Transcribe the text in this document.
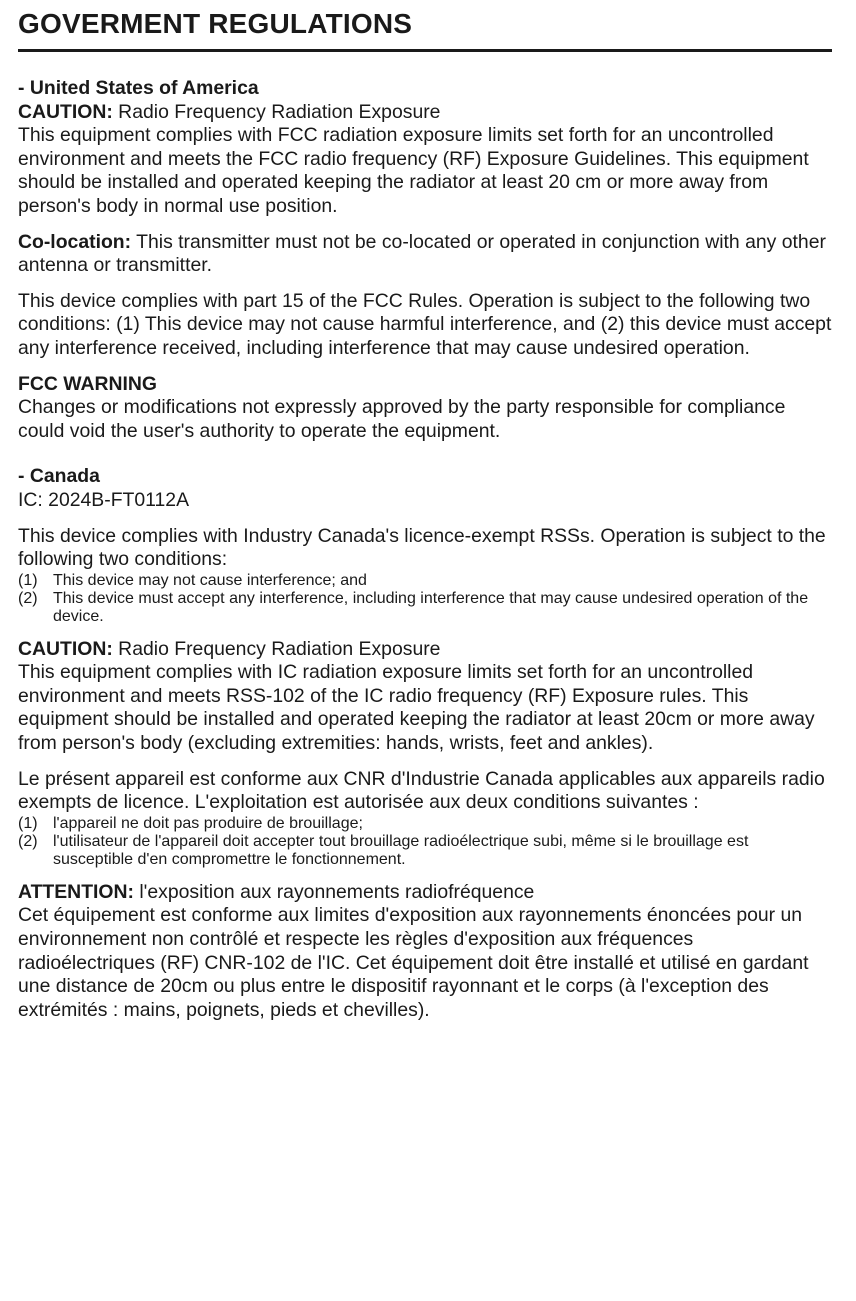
GOVERMENT REGULATIONS

- United States of America

CAUTION: Radio Frequency Radiation Exposure

This equipment complies with FCC radiation exposure limits set forth for an uncontrolled environment and meets the FCC radio frequency (RF) Exposure Guidelines. This equipment should be installed and operated keeping the radiator at least 20 cm or more away from person's body in normal use position.

Co-location: This transmitter must not be co-located or operated in conjunction with any other antenna or transmitter.

This device complies with part 15 of the FCC Rules. Operation is subject to the following two conditions: (1) This device may not cause harmful interference, and (2) this device must accept any interference received, including interference that may cause undesired operation.

FCC WARNING

Changes or modifications not expressly approved by the party responsible for compliance could void the user's authority to operate the equipment.

- Canada

IC: 2024B-FT0112A

This device complies with Industry Canada's licence-exempt RSSs. Operation is subject to the following two conditions:

(1) This device may not cause interference; and
(2) This device must accept any interference, including interference that may cause undesired operation of the device.

CAUTION: Radio Frequency Radiation Exposure

This equipment complies with IC radiation exposure limits set forth for an uncontrolled environment and meets RSS-102 of the IC radio frequency (RF) Exposure rules. This equipment should be installed and operated keeping the radiator at least 20cm or more away from person's body (excluding extremities: hands, wrists, feet and ankles).

Le présent appareil est conforme aux CNR d'Industrie Canada applicables aux appareils radio exempts de licence. L'exploitation est autorisée aux deux conditions suivantes :

(1) l'appareil ne doit pas produire de brouillage;
(2) l'utilisateur de l'appareil doit accepter tout brouillage radioélectrique subi, même si le brouillage est susceptible d'en compromettre le fonctionnement.

ATTENTION: l'exposition aux rayonnements radiofréquence

Cet équipement est conforme aux limites d'exposition aux rayonnements énoncées pour un environnement non contrôlé et respecte les règles d'exposition aux fréquences radioélectriques (RF) CNR-102 de l'IC. Cet équipement doit être installé et utilisé en gardant une distance de 20cm ou plus entre le dispositif rayonnant et le corps (à l'exception des extrémités : mains, poignets, pieds et chevilles).
